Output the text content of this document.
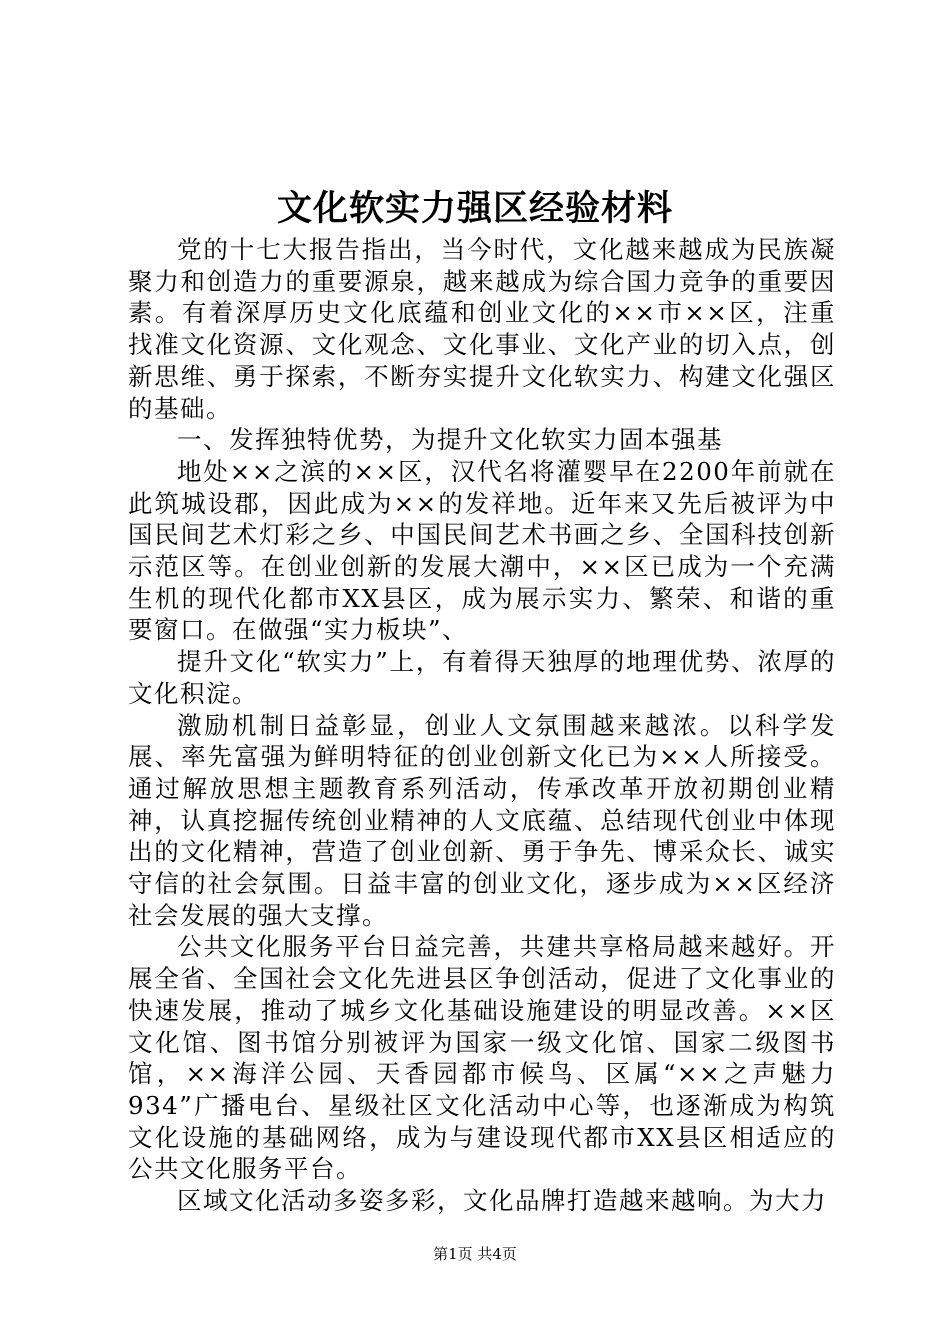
文化软实力强区经验材料

党的十七大报告指出，当今时代，文化越来越成为民族凝聚力和创造力的重要源泉，越来越成为综合国力竞争的重要因素。有着深厚历史文化底蕴和创业文化的××市××区，注重找准文化资源、文化观念、文化事业、文化产业的切入点，创新思维、勇于探索，不断夯实提升文化软实力、构建文化强区的基础。

一、发挥独特优势，为提升文化软实力固本强基

地处××之滨的××区，汉代名将灌婴早在2200年前就在此筑城设郡，因此成为××的发祥地。近年来又先后被评为中国民间艺术灯彩之乡、中国民间艺术书画之乡、全国科技创新示范区等。在创业创新的发展大潮中，××区已成为一个充满生机的现代化都市XX县区，成为展示实力、繁荣、和谐的重要窗口。在做强“实力板块”、

提升文化“软实力”上，有着得天独厚的地理优势、浓厚的文化积淀。

激励机制日益彰显，创业人文氛围越来越浓。以科学发展、率先富强为鲜明特征的创业创新文化已为××人所接受。通过解放思想主题教育系列活动，传承改革开放初期创业精神，认真挖掘传统创业精神的人文底蕴、总结现代创业中体现出的文化精神，营造了创业创新、勇于争先、博采众长、诚实守信的社会氛围。日益丰富的创业文化，逐步成为××区经济社会发展的强大支撑。

公共文化服务平台日益完善，共建共享格局越来越好。开展全省、全国社会文化先进县区争创活动，促进了文化事业的快速发展，推动了城乡文化基础设施建设的明显改善。××区文化馆、图书馆分别被评为国家一级文化馆、国家二级图书馆，××海洋公园、天香园都市候鸟、区属“××之声魅力934”广播电台、星级社区文化活动中心等，也逐渐成为构筑文化设施的基础网络，成为与建设现代都市XX县区相适应的公共文化服务平台。

区域文化活动多姿多彩，文化品牌打造越来越响。为大力

第1页 共4页
